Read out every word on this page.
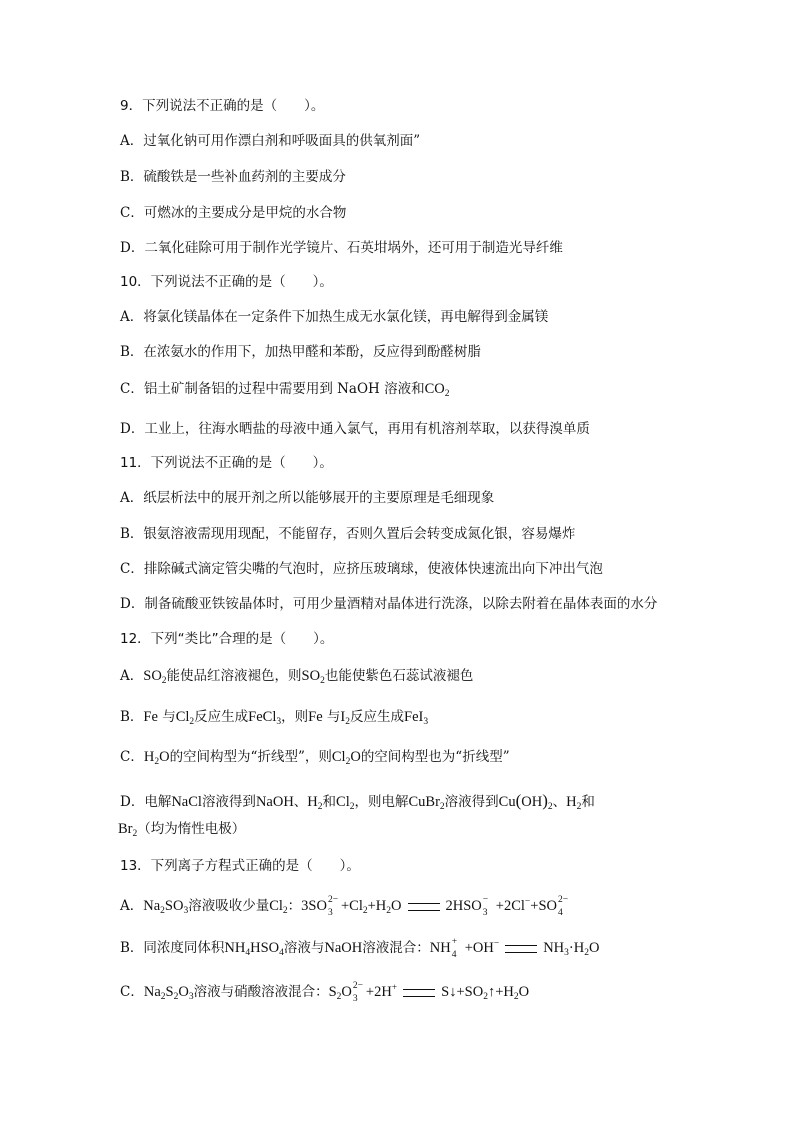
9．下列说法不正确的是（　　）。
A．过氧化钠可用作漂白剂和呼吸面具的供氧剂面”
B．硫酸铁是一些补血药剂的主要成分
C．可燃冰的主要成分是甲烷的水合物
D．二氧化硅除可用于制作光学镜片、石英坩埚外，还可用于制造光导纤维
10．下列说法不正确的是（　　）。
A．将氯化镁晶体在一定条件下加热生成无水氯化镁，再电解得到金属镁
B．在浓氨水的作用下，加热甲醛和苯酚，反应得到酚醛树脂
C．铝土矿制备铝的过程中需要用到 NaOH 溶液和$CO_2$
D．工业上，往海水晒盐的母液中通入氯气，再用有机溶剂萃取，以获得溴单质
11．下列说法不正确的是（　　）。
A．纸层析法中的展开剂之所以能够展开的主要原理是毛细现象
B．银氨溶液需现用现配，不能留存，否则久置后会转变成氮化银，容易爆炸
C．排除碱式滴定管尖嘴的气泡时，应挤压玻璃球，使液体快速流出向下冲出气泡
D．制备硫酸亚铁铵晶体时，可用少量酒精对晶体进行洗涤，以除去附着在晶体表面的水分
12．下列“类比”合理的是（　　）。
A．$SO_2$能使品红溶液褪色，则$SO_2$也能使紫色石蕊试液褪色
B．Fe 与$Cl_2$反应生成FeCl$_3$，则Fe 与$I_2$反应生成FeI$_3$
C．$H_2O$的空间构型为“折线型”，则$Cl_2O$的空间构型也为“折线型”
D．电解NaCl溶液得到NaOH、$H_2$和$Cl_2$，则电解CuBr$_2$溶液得到$Cu(OH)_2$、$H_2$和
$Br_2$（均为惰性电极）
13．下列离子方程式正确的是（　　）。
A．$Na_2SO_3$溶液吸收少量$Cl_2$：3SO 2−
$3 +Cl_2+H_2O$	2HSO −
3 +2Cl−+SO 2−
4
B．同浓度同体积$NH_4HSO_4$溶液与NaOH溶液混合：NH +
4 +OH−	$NH_3\cdot H_2O$
C．$Na_2S_2O_3$溶液与硝酸溶液混合：$S_2O$ 2−
3 +2H+	$S↓+SO_2↑+H_2O$
